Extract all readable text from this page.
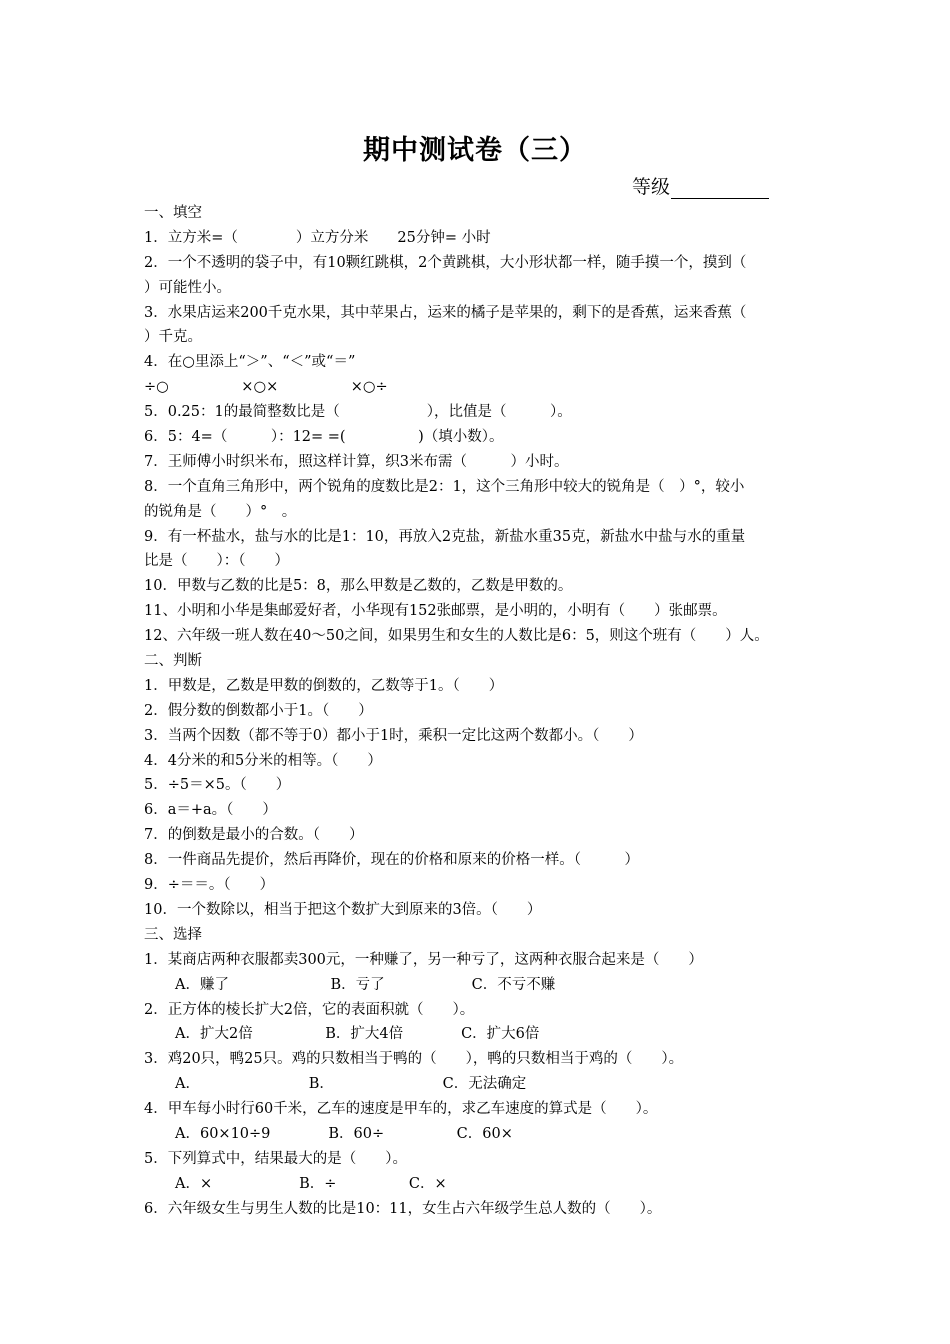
期中测试卷（三）
等级
一、填空
1．立方米=（　　　　）立方分米　　25分钟= 小时
2．一个不透明的袋子中，有10颗红跳棋，2个黄跳棋，大小形状都一样，随手摸一个，摸到（
）可能性小。
3．水果店运来200千克水果，其中苹果占，运来的橘子是苹果的，剩下的是香蕉，运来香蕉（
）千克。
4．在○里添上“＞”、“＜”或“＝”
÷○　　　　　×○×　　　　　×○÷
5．0.25：1的最简整数比是（　　　　　　），比值是（　　　）。
6．5：4=（　　　）：12= =(　　　　　)（填小数）。
7．王师傅小时织米布，照这样计算，织3米布需（　　　）小时。
8．一个直角三角形中，两个锐角的度数比是2：1，这个三角形中较大的锐角是（　）°，较小
的锐角是（　　）°　。
9．有一杯盐水，盐与水的比是1：10，再放入2克盐，新盐水重35克，新盐水中盐与水的重量
比是（　　）：（　　）
10．甲数与乙数的比是5：8，那么甲数是乙数的，乙数是甲数的。
11、小明和小华是集邮爱好者，小华现有152张邮票，是小明的，小明有（　　）张邮票。
12、六年级一班人数在40～50之间，如果男生和女生的人数比是6：5，则这个班有（　　）人。
二、判断
1．甲数是，乙数是甲数的倒数的，乙数等于1。（　　）
2．假分数的倒数都小于1。（　　）
3．当两个因数（都不等于0）都小于1时，乘积一定比这两个数都小。（　　）
4．4分米的和5分米的相等。（　　）
5．÷5＝×5。（　　）
6．a＝+a。（　　）
7．的倒数是最小的合数。（　　）
8．一件商品先提价，然后再降价，现在的价格和原来的价格一样。（　　　）
9．÷＝＝。（　　）
10．一个数除以，相当于把这个数扩大到原来的3倍。（　　）
三、选择
1．某商店两种衣服都卖300元，一种赚了，另一种亏了，这两种衣服合起来是（　　）
A．赚了　　　　　　　B．亏了　　　　　　C．不亏不赚
2．正方体的棱长扩大2倍，它的表面积就（　　）。
A．扩大2倍　　　　　B．扩大4倍　　　　C．扩大6倍
3．鸡20只，鸭25只。鸡的只数相当于鸭的（　　），鸭的只数相当于鸡的（　　）。
A．　　　　　　　　B．　　　　　　　　C．无法确定
4．甲车每小时行60千米，乙车的速度是甲车的，求乙车速度的算式是（　　）。
A．60×10÷9　　　　B．60÷　　　　　C．60×
5．下列算式中，结果最大的是（　　）。
A．×　　　　　　B．÷　　　　　C．×
6．六年级女生与男生人数的比是10：11，女生占六年级学生总人数的（　　）。
